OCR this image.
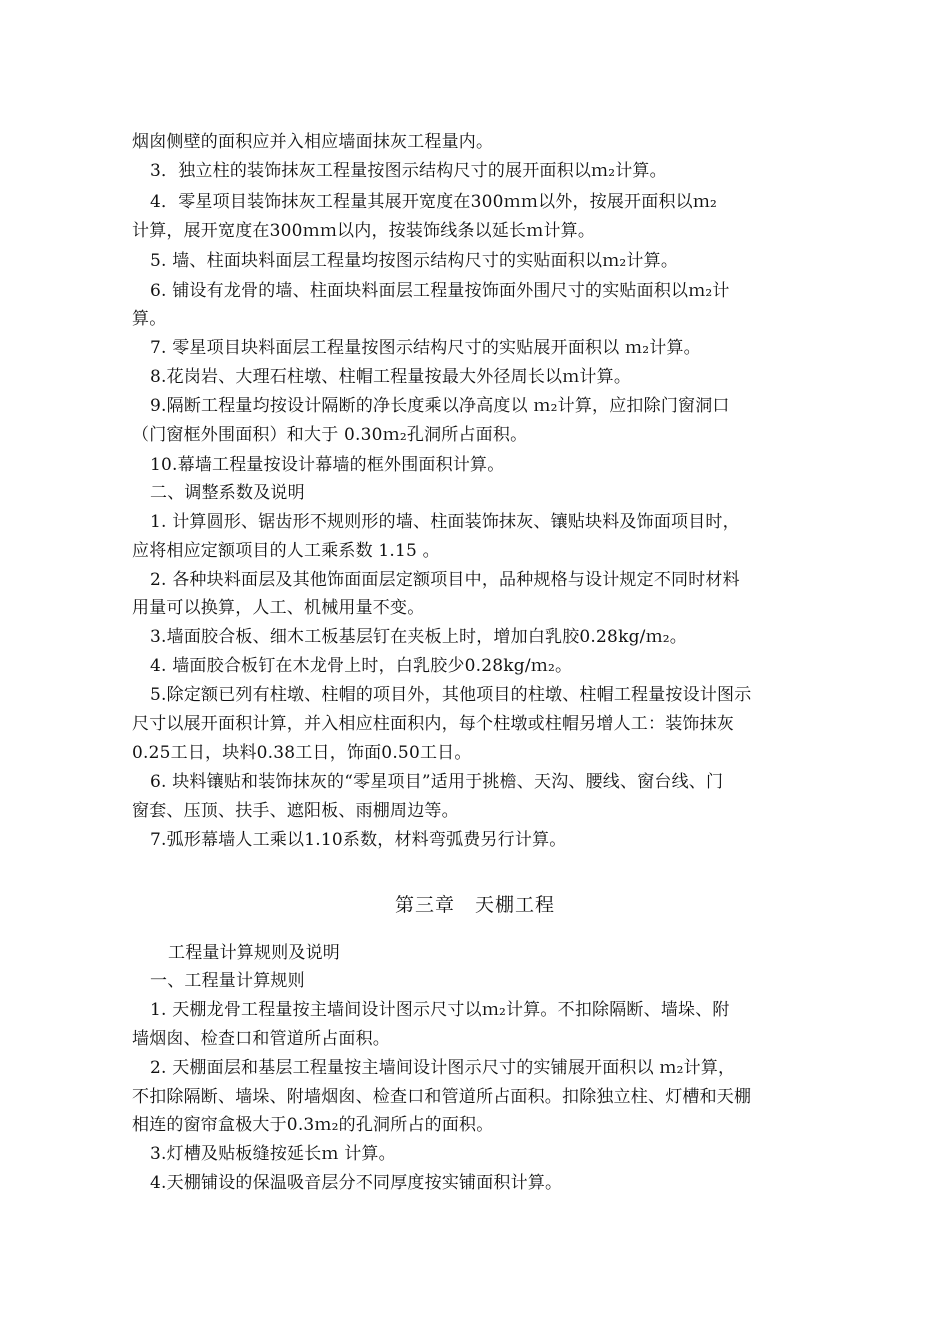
烟囱侧壁的面积应并入相应墙面抹灰工程量内。
3．独立柱的装饰抹灰工程量按图示结构尺寸的展开面积以ｍ₂计算。
4．零星项目装饰抹灰工程量其展开宽度在300ｍｍ以外，按展开面积以ｍ₂
计算，展开宽度在300ｍｍ以内，按装饰线条以延长ｍ计算。
5. 墙、柱面块料面层工程量均按图示结构尺寸的实贴面积以ｍ₂计算。
6. 铺设有龙骨的墙、柱面块料面层工程量按饰面外围尺寸的实贴面积以ｍ₂计
算。
7. 零星项目块料面层工程量按图示结构尺寸的实贴展开面积以 ｍ₂计算。
8.花岗岩、大理石柱墩、柱帽工程量按最大外径周长以ｍ计算。
9.隔断工程量均按设计隔断的净长度乘以净高度以 ｍ₂计算，应扣除门窗洞口
（门窗框外围面积）和大于 0.30ｍ₂孔洞所占面积。
10.幕墙工程量按设计幕墙的框外围面积计算。
二、调整系数及说明
1. 计算圆形、锯齿形不规则形的墙、柱面装饰抹灰、镶贴块料及饰面项目时，
应将相应定额项目的人工乘系数 1.15 。
2. 各种块料面层及其他饰面面层定额项目中，品种规格与设计规定不同时材料
用量可以换算，人工、机械用量不变。
3.墙面胶合板、细木工板基层钉在夹板上时，增加白乳胶0.28kg/ｍ₂。
4. 墙面胶合板钉在木龙骨上时，白乳胶少0.28kg/ｍ₂。
5.除定额已列有柱墩、柱帽的项目外，其他项目的柱墩、柱帽工程量按设计图示
尺寸以展开面积计算，并入相应柱面积内，每个柱墩或柱帽另增人工：装饰抹灰
0.25工日，块料0.38工日，饰面0.50工日。
6. 块料镶贴和装饰抹灰的“零星项目”适用于挑檐、天沟、腰线、窗台线、门
窗套、压顶、扶手、遮阳板、雨棚周边等。
7.弧形幕墙人工乘以1.10系数，材料弯弧费另行计算。
第三章　天棚工程
工程量计算规则及说明
一、工程量计算规则
1. 天棚龙骨工程量按主墙间设计图示尺寸以ｍ₂计算。不扣除隔断、墙垛、附
墙烟囱、检查口和管道所占面积。
2. 天棚面层和基层工程量按主墙间设计图示尺寸的实铺展开面积以 ｍ₂计算，
不扣除隔断、墙垛、附墙烟囱、检查口和管道所占面积。扣除独立柱、灯槽和天棚
相连的窗帘盒极大于0.3ｍ₂的孔洞所占的面积。
3.灯槽及贴板缝按延长ｍ 计算。
4.天棚铺设的保温吸音层分不同厚度按实铺面积计算。
